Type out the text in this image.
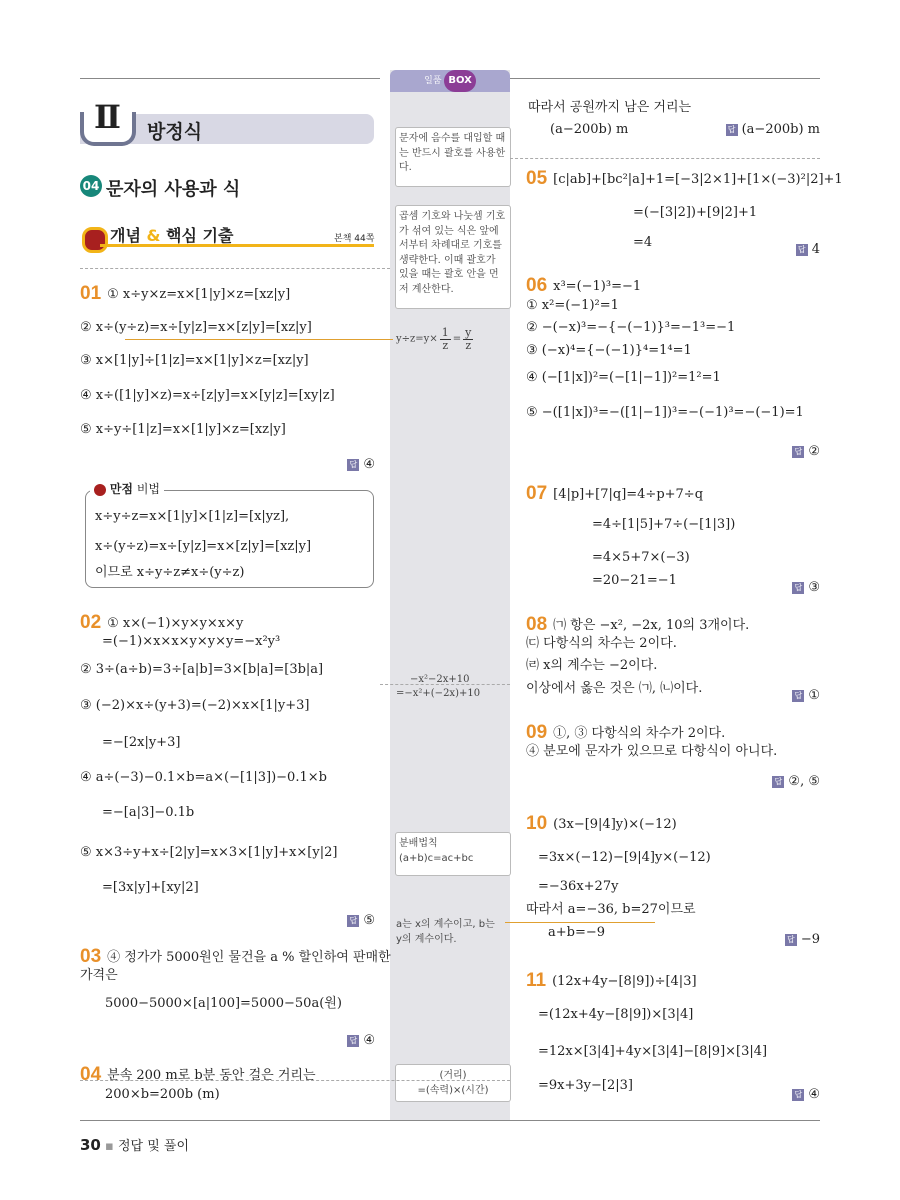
일품 BOX
Ⅱ 방정식
04 문자의 사용과 식
개념 & 핵심 기출	본책 44쪽
문자에 음수를 대입할 때는 반드시 괄호를 사용한다.
곱셈 기호와 나눗셈 기호가 섞여 있는 식은 앞에서부터 차례대로 기호를 생략한다. 이때 괄호가 있을 때는 괄호 안을 먼저 계산한다.
$y\div z=y\times \frac{1}{z} = \frac{y}{z}$
−x²−2x+10
=−x²+(−2x)+10
분배법칙
(a+b)c=ac+bc
a는 x의 계수이고, b는
y의 계수이다.
(거리)
=(속력)×(시간)
만점 비법
01 ① x÷y×z=x×[1|y]×z=[xz|y]
② x÷(y÷z)=x÷[y|z]=x×[z|y]=[xz|y]
③ x×[1|y]÷[1|z]=x×[1|y]×z=[xz|y]
④ x÷([1|y]×z)=x÷[z|y]=x×[y|z]=[xy|z]
⑤ x÷y÷[1|z]=x×[1|y]×z=[xz|y]
답 ④
x÷y÷z=x×[1|y]×[1|z]=[x|yz],
x÷(y÷z)=x÷[y|z]=x×[z|y]=[xz|y]
이므로 x÷y÷z≠x÷(y÷z)
02 ① x×(−1)×y×y×x×y
=(−1)×x×x×y×y×y=−x²y³
② 3÷(a÷b)=3÷[a|b]=3×[b|a]=[3b|a]
③ (−2)×x÷(y+3)=(−2)×x×[1|y+3]
=−[2x|y+3]
④ a÷(−3)−0.1×b=a×(−[1|3])−0.1×b
=−[a|3]−0.1b
⑤ x×3÷y+x÷[2|y]=x×3×[1|y]+x×[y|2]
=[3x|y]+[xy|2]
답 ⑤
03 ④ 정가가 5000원인 물건을 a % 할인하여 판매한
가격은
5000−5000×[a|100]=5000−50a(원)
답 ④
04 분속 200 m로 b분 동안 걸은 거리는
200×b=200b (m)
따라서 공원까지 남은 거리는
(a−200b) m	답 (a−200b) m
05 [c|ab]+[bc²|a]+1=[−3|2×1]+[1×(−3)²|2]+1
=(−[3|2])+[9|2]+1
=4	답 4
06 x³=(−1)³=−1
① x²=(−1)²=1
② −(−x)³=−{−(−1)}³=−1³=−1
③ (−x)⁴={−(−1)}⁴=1⁴=1
④ (−[1|x])²=(−[1|−1])²=1²=1
⑤ −([1|x])³=−([1|−1])³=−(−1)³=−(−1)=1
답 ②
07 [4|p]+[7|q]=4÷p+7÷q
=4÷[1|5]+7÷(−[1|3])
=4×5+7×(−3)
=20−21=−1	답 ③
08 ㈀ 항은 −x², −2x, 10의 3개이다.
㈂ 다항식의 차수는 2이다.
㈃ x의 계수는 −2이다.
이상에서 옳은 것은 ㈀, ㈁이다.	답 ①
09 ①, ③ 다항식의 차수가 2이다.
④ 분모에 문자가 있으므로 다항식이 아니다.
답 ②, ⑤
10 (3x−[9|4]y)×(−12)
=3x×(−12)−[9|4]y×(−12)
=−36x+27y
따라서 a=−36, b=27이므로
a+b=−9	답 −9
11 (12x+4y−[8|9])÷[4|3]
=(12x+4y−[8|9])×[3|4]
=12x×[3|4]+4y×[3|4]−[8|9]×[3|4]
=9x+3y−[2|3]
답 ④
30 ▪ 정답 및 풀이
